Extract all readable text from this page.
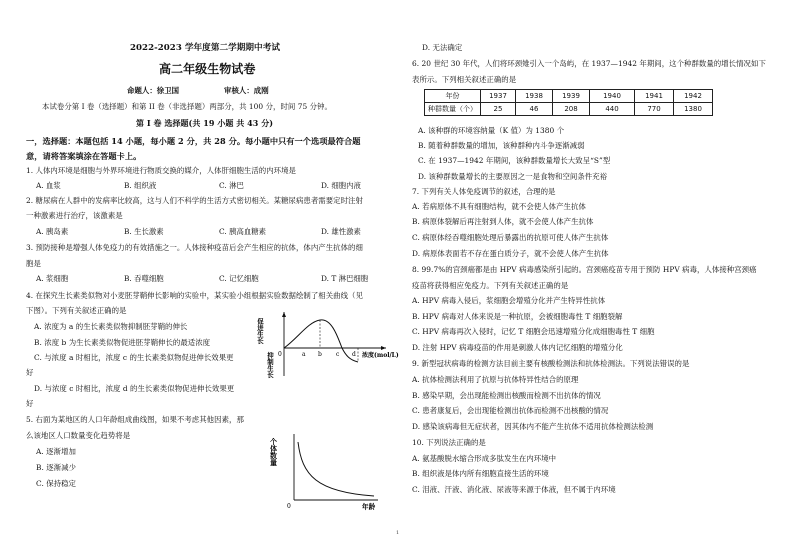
2022-2023 学年度第二学期期中考试
高二年级生物试卷
命题人：徐卫国	审核人：成刚
本试卷分第 I 卷（选择题）和第 II 卷（非选择题）两部分，共 100 分，时间 75 分钟。
第 I 卷 选择题(共 19 小题 共 43 分)
一，选择题：本题包括 14 小题，每小题 2 分，共 28 分。每小题中只有一个选项最符合题
意，请将答案填涂在答题卡上。
1. 人体内环境是细胞与外界环境进行物质交换的媒介，人体肝细胞生活的内环境是
A. 血浆	B. 组织液	C. 淋巴	D. 细胞内液
2. 糖尿病在人群中的发病率比较高，这与人们不科学的生活方式密切相关。某糖尿病患者需要定时注射
一种激素进行治疗，该激素是
A. 胰岛素	B. 生长激素	C. 胰高血糖素	D. 雄性激素
3. 预防接种是增强人体免疫力的有效措施之一。人体接种疫苗后会产生相应的抗体，体内产生抗体的细
胞是
A. 浆细胞	B. 吞噬细胞	C. 记忆细胞	D. T 淋巴细胞
4. 在探究生长素类似物对小麦胚芽鞘伸长影响的实验中，某实验小组根据实验数据绘制了相关曲线（见
下图）。下列有关叙述正确的是
A. 浓度为 a 的生长素类似物抑制胚芽鞘的伸长
B. 浓度 b 为生长素类似物促进胚芽鞘伸长的最适浓度
C. 与浓度 a 时相比，浓度 c 的生长素类似物促进伸长效果更
好
D. 与浓度 c 时相比，浓度 d 的生长素类似物促进伸长效果更
好
促进生长
抑制生长 0	a b c d 浓度(mol/L)
5. 右面为某地区的人口年龄组成曲线图，如果不考虑其他因素，那
么该地区人口数量变化趋势将是
A. 逐渐增加
B. 逐渐减少
C. 保持稳定
个体数量
0	年龄
D. 无法确定
6. 20 世纪 30 年代，人们将环颈雉引入一个岛屿，在 1937—1942 年期间，这个种群数量的增长情况如下
表所示。下列相关叙述正确的是
年份	1937	1938	1939	1940	1941	1942
种群数量（个）	25	46	208	440	770	1380
A. 该种群的环境容纳量（K 值）为 1380 个
B. 随着种群数量的增加，该种群种内斗争逐渐减弱
C. 在 1937—1942 年期间，该种群数量增长大致呈“S”型
D. 该种群数量增长的主要原因之一是食物和空间条件充裕
7. 下列有关人体免疫调节的叙述，合理的是
A. 若病原体不具有细胞结构，就不会使人体产生抗体
B. 病原体裂解后再注射到人体，就不会使人体产生抗体
C. 病原体经吞噬细胞处理后暴露出的抗原可使人体产生抗体
D. 病原体表面若不存在蛋白质分子，就不会使人体产生抗体
8. 99.7%的宫颈癌都是由 HPV 病毒感染所引起的。宫颈癌疫苗专用于预防 HPV 病毒，人体接种宫颈癌
疫苗将获得相应免疫力。下列有关叙述正确的是
A. HPV 病毒入侵后，浆细胞会增殖分化并产生特异性抗体
B. HPV 病毒对人体来说是一种抗原，会被细胞毒性 T 细胞裂解
C. HPV 病毒再次入侵时，记忆 T 细胞会迅速增殖分化成细胞毒性 T 细胞
D. 注射 HPV 病毒疫苗的作用是刺激人体内记忆细胞的增殖分化
9. 新型冠状病毒的检测方法目前主要有核酸检测法和抗体检测法。下列说法错误的是
A. 抗体检测法利用了抗原与抗体特异性结合的原理
B. 感染早期，会出现能检测出核酸而检测不出抗体的情况
C. 患者康复后，会出现能检测出抗体而检测不出核酸的情况
D. 感染该病毒但无症状者，因其体内不能产生抗体不适用抗体检测法检测
10. 下列说法正确的是
A. 氨基酸脱水缩合形成多肽发生在内环境中
B. 组织液是体内所有细胞直接生活的环境
C. 泪液、汗液、消化液、尿液等来源于体液，但不属于内环境
1
